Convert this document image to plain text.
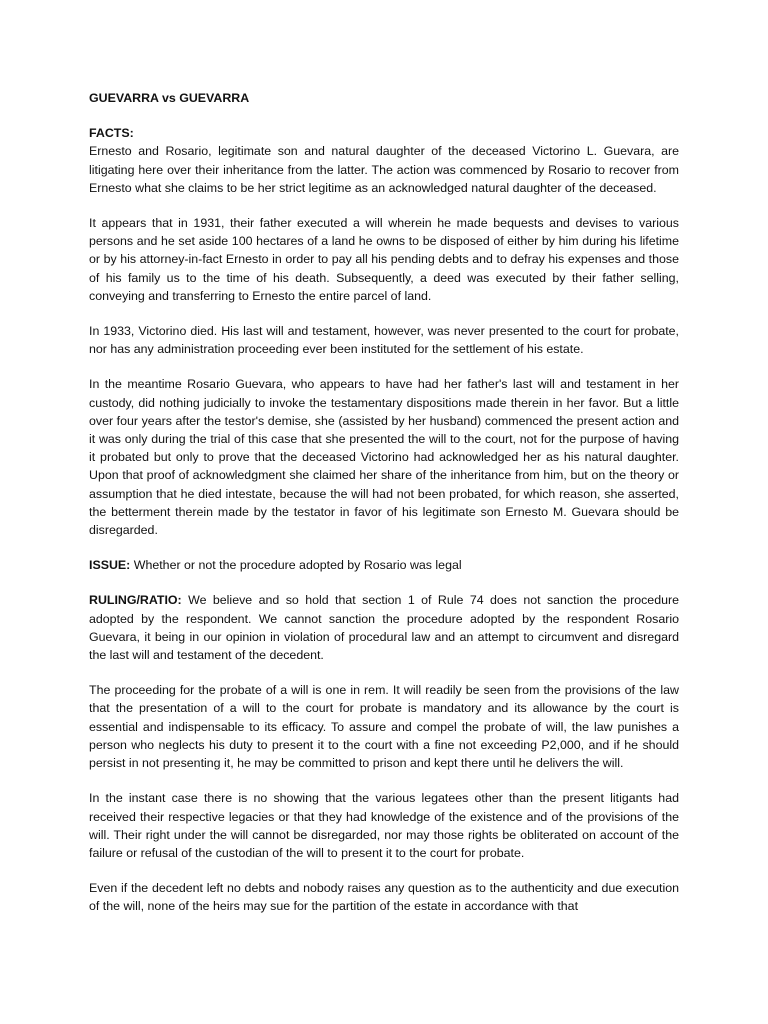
GUEVARRA vs GUEVARRA
FACTS:

Ernesto and Rosario, legitimate son and natural daughter of the deceased Victorino L. Guevara, are litigating here over their inheritance from the latter. The action was commenced by Rosario to recover from Ernesto what she claims to be her strict legitime as an acknowledged natural daughter of the deceased.

It appears that in 1931, their father executed a will wherein he made bequests and devises to various persons and he set aside 100 hectares of a land he owns to be disposed of either by him during his lifetime or by his attorney-in-fact Ernesto in order to pay all his pending debts and to defray his expenses and those of his family us to the time of his death. Subsequently, a deed was executed by their father selling, conveying and transferring to Ernesto the entire parcel of land.

In 1933, Victorino died. His last will and testament, however, was never presented to the court for probate, nor has any administration proceeding ever been instituted for the settlement of his estate.

In the meantime Rosario Guevara, who appears to have had her father's last will and testament in her custody, did nothing judicially to invoke the testamentary dispositions made therein in her favor. But a little over four years after the testor's demise, she (assisted by her husband) commenced the present action and it was only during the trial of this case that she presented the will to the court, not for the purpose of having it probated but only to prove that the deceased Victorino had acknowledged her as his natural daughter. Upon that proof of acknowledgment she claimed her share of the inheritance from him, but on the theory or assumption that he died intestate, because the will had not been probated, for which reason, she asserted, the betterment therein made by the testator in favor of his legitimate son Ernesto M. Guevara should be disregarded.

ISSUE: Whether or not the procedure adopted by Rosario was legal

RULING/RATIO: We believe and so hold that section 1 of Rule 74 does not sanction the procedure adopted by the respondent. We cannot sanction the procedure adopted by the respondent Rosario Guevara, it being in our opinion in violation of procedural law and an attempt to circumvent and disregard the last will and testament of the decedent.

The proceeding for the probate of a will is one in rem. It will readily be seen from the provisions of the law that the presentation of a will to the court for probate is mandatory and its allowance by the court is essential and indispensable to its efficacy. To assure and compel the probate of will, the law punishes a person who neglects his duty to present it to the court with a fine not exceeding P2,000, and if he should persist in not presenting it, he may be committed to prison and kept there until he delivers the will.

In the instant case there is no showing that the various legatees other than the present litigants had received their respective legacies or that they had knowledge of the existence and of the provisions of the will. Their right under the will cannot be disregarded, nor may those rights be obliterated on account of the failure or refusal of the custodian of the will to present it to the court for probate.

Even if the decedent left no debts and nobody raises any question as to the authenticity and due execution of the will, none of the heirs may sue for the partition of the estate in accordance with that
